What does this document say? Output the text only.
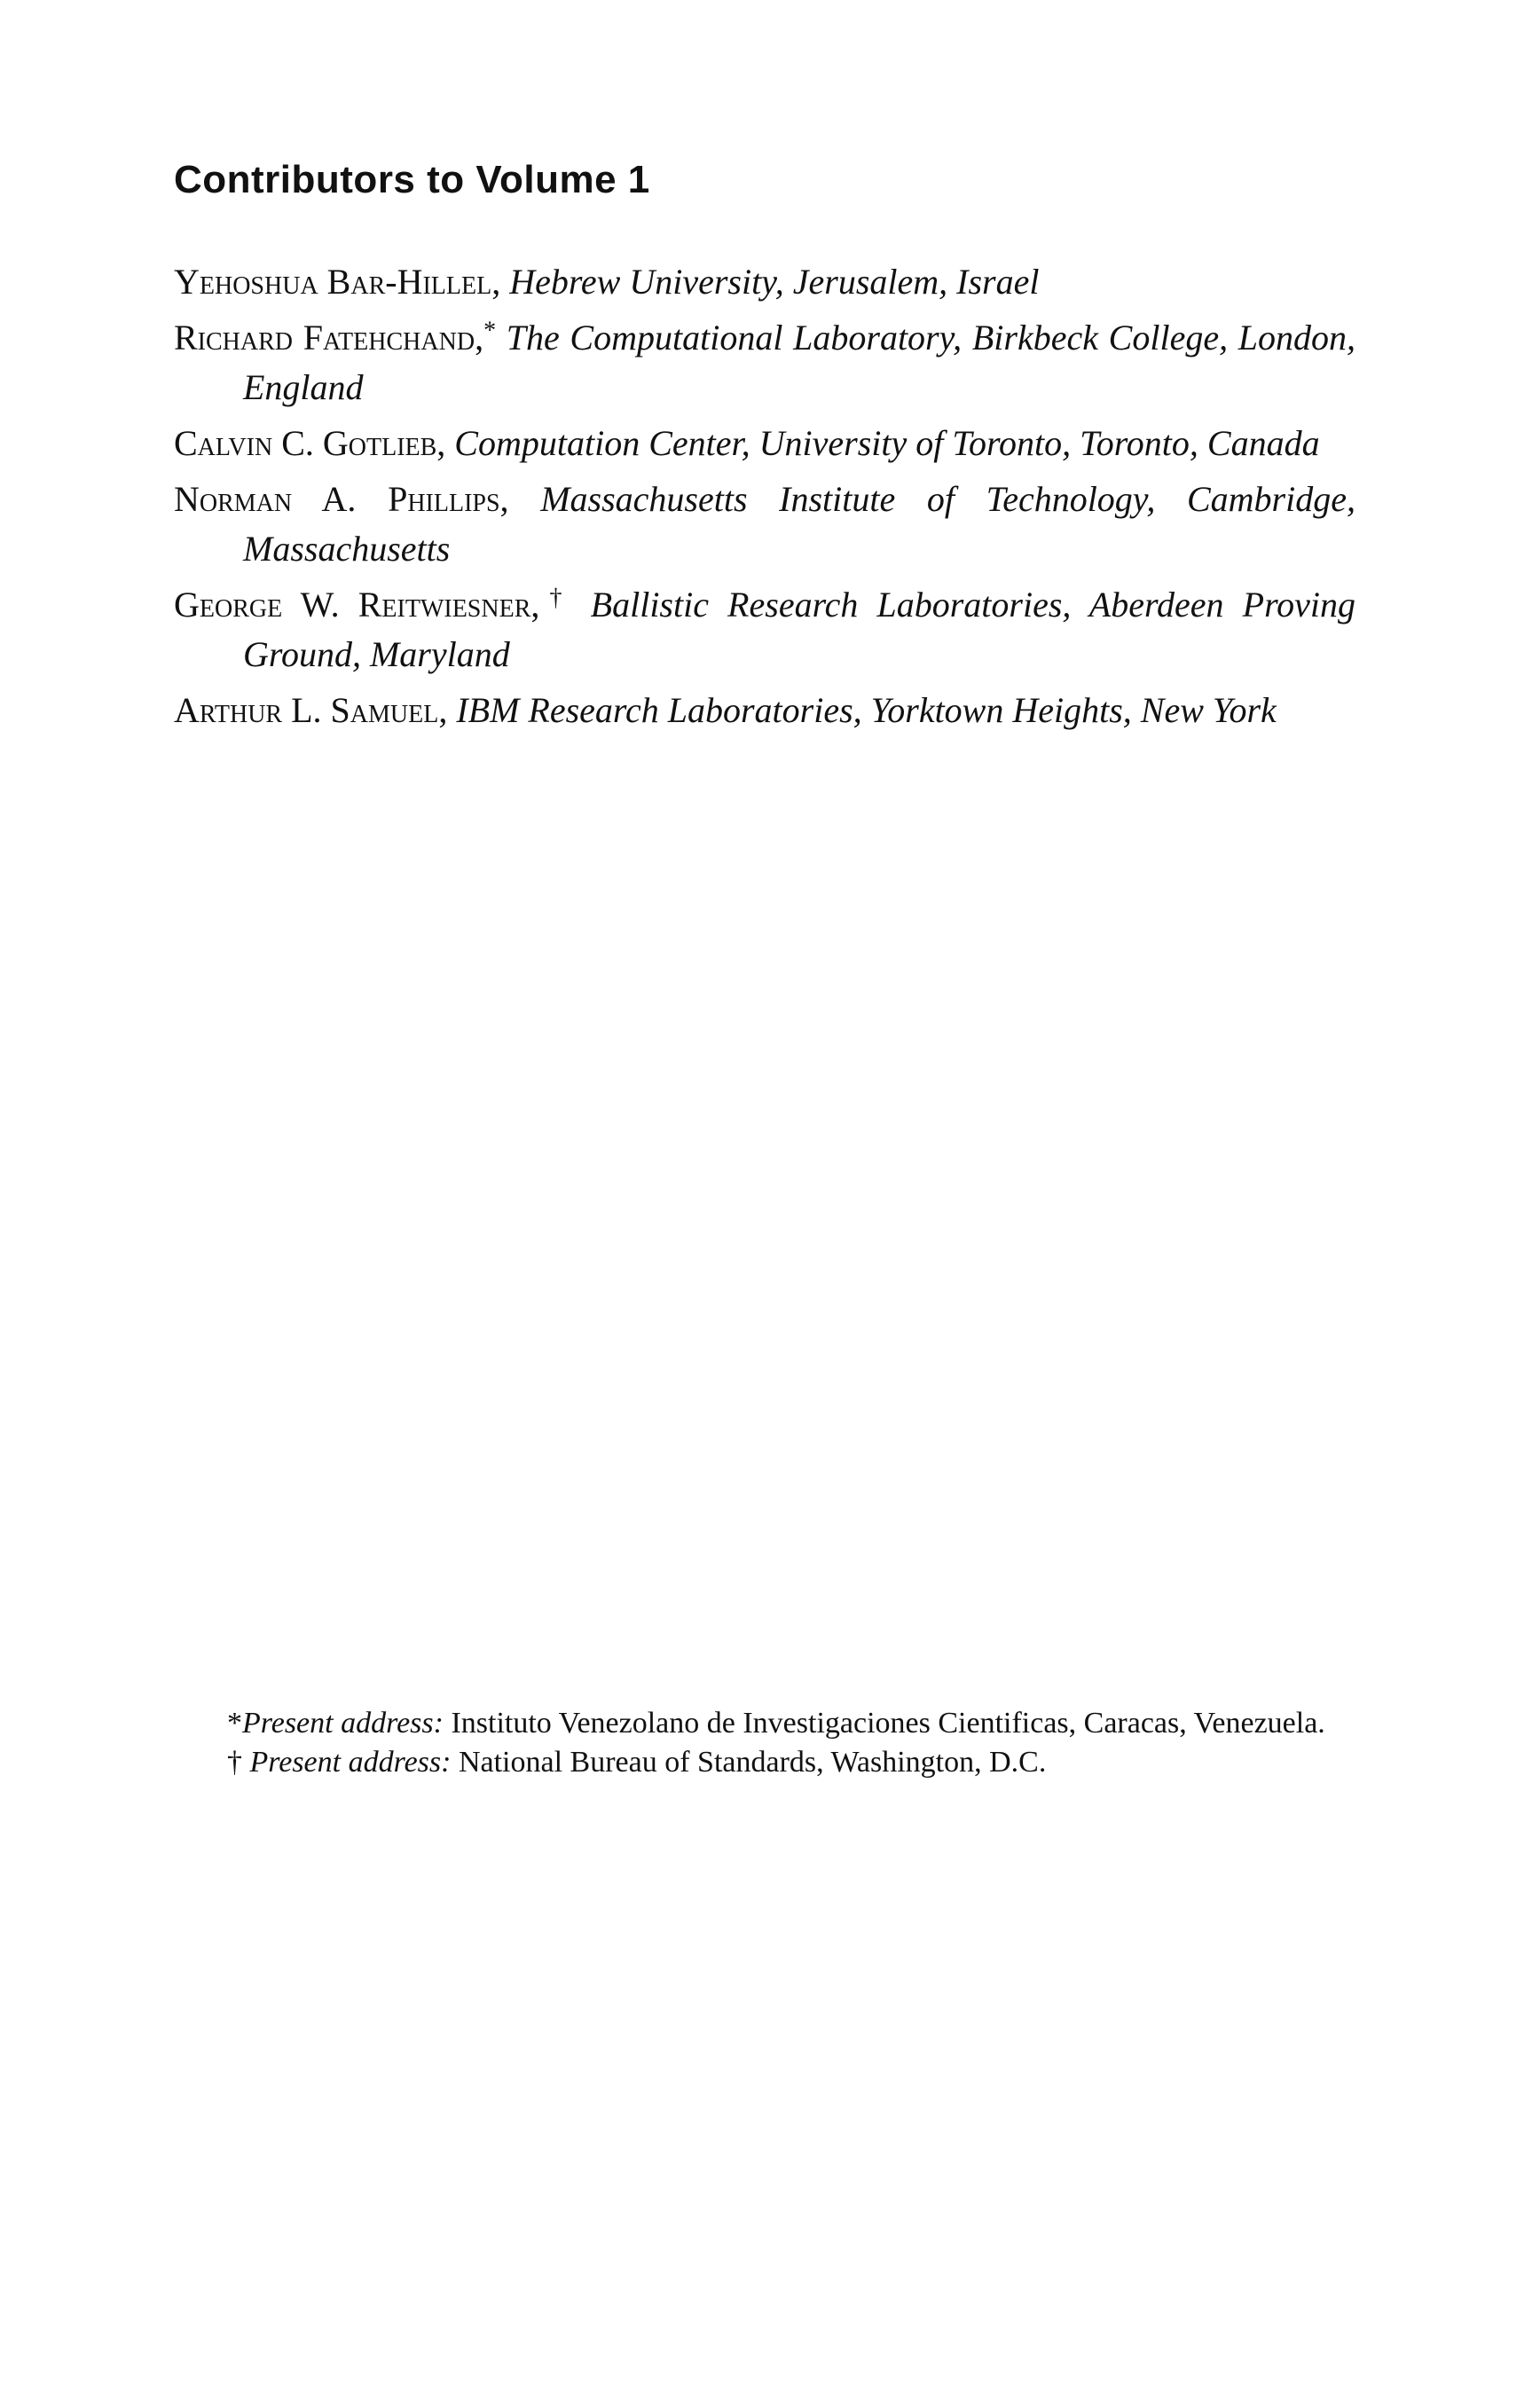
Contributors to Volume 1
Yehoshua Bar-Hillel, Hebrew University, Jerusalem, Israel
Richard Fatehchand,* The Computational Laboratory, Birkbeck College, London, England
Calvin C. Gotlieb, Computation Center, University of Toronto, Toronto, Canada
Norman A. Phillips, Massachusetts Institute of Technology, Cambridge, Massachusetts
George W. Reitwiesner,† Ballistic Research Laboratories, Aberdeen Proving Ground, Maryland
Arthur L. Samuel, IBM Research Laboratories, Yorktown Heights, New York

*Present address: Instituto Venezolano de Investigaciones Cientificas, Caracas, Venezuela.

† Present address: National Bureau of Standards, Washington, D.C.
